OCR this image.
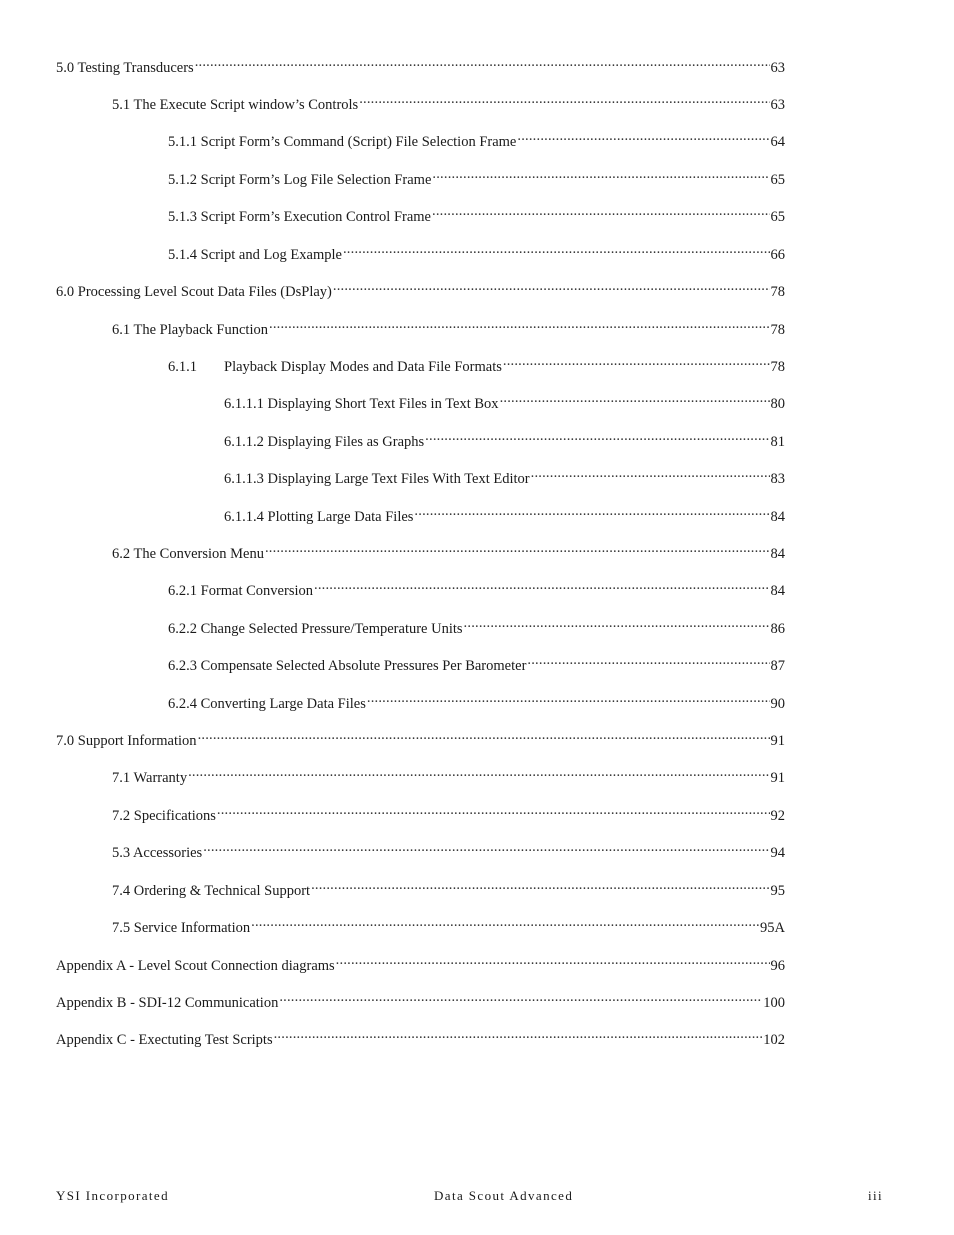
5.0 Testing Transducers .....	63
5.1 The Execute Script window’s Controls .....	63
5.1.1 Script Form’s Command (Script) File Selection Frame .....	64
5.1.2 Script Form’s Log File Selection Frame .....	65
5.1.3 Script Form’s Execution Control Frame .....	65
5.1.4 Script and Log Example .....	66
6.0 Processing Level Scout Data Files (DsPlay) .....	78
6.1 The Playback Function .....	78
6.1.1	Playback Display Modes and Data File Formats .....	78
6.1.1.1 Displaying Short Text Files in Text Box .....	80
6.1.1.2 Displaying Files as Graphs .....	81
6.1.1.3 Displaying Large Text Files With Text Editor .....	83
6.1.1.4 Plotting Large Data Files .....	84
6.2 The Conversion Menu .....	84
6.2.1 Format Conversion .....	84
6.2.2 Change Selected Pressure/Temperature Units .....	86
6.2.3 Compensate Selected Absolute Pressures Per Barometer .....	87
6.2.4 Converting Large Data Files .....	90
7.0 Support Information .....	91
7.1 Warranty .....	91
7.2 Specifications .....	92
5.3 Accessories .....	94
7.4 Ordering & Technical Support .....	95
7.5 Service Information .....	95A
Appendix A - Level Scout Connection diagrams .....	96
Appendix B - SDI-12 Communication .....	100
Appendix C - Exectuting Test Scripts .....	102
YSI Incorporated	Data Scout Advanced	iii
